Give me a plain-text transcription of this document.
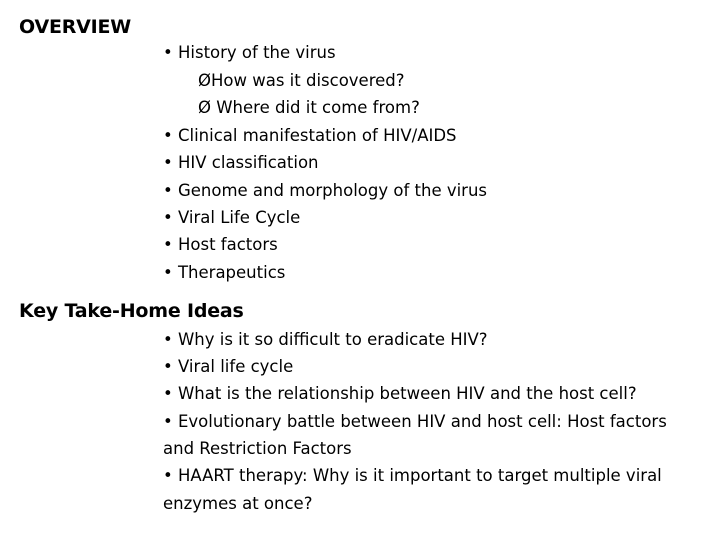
OVERVIEW
• History of the virus
ØHow was it discovered?
Ø Where did it come from?
• Clinical manifestation of HIV/AIDS
• HIV classification
• Genome and morphology of the virus
• Viral Life Cycle
• Host factors
• Therapeutics
Key Take-Home Ideas
• Why is it so difficult to eradicate HIV?
• Viral life cycle
• What is the relationship between HIV and the host cell?
• Evolutionary battle between HIV and host cell: Host factors
and Restriction Factors
• HAART therapy: Why is it important to target multiple viral
enzymes at once?
